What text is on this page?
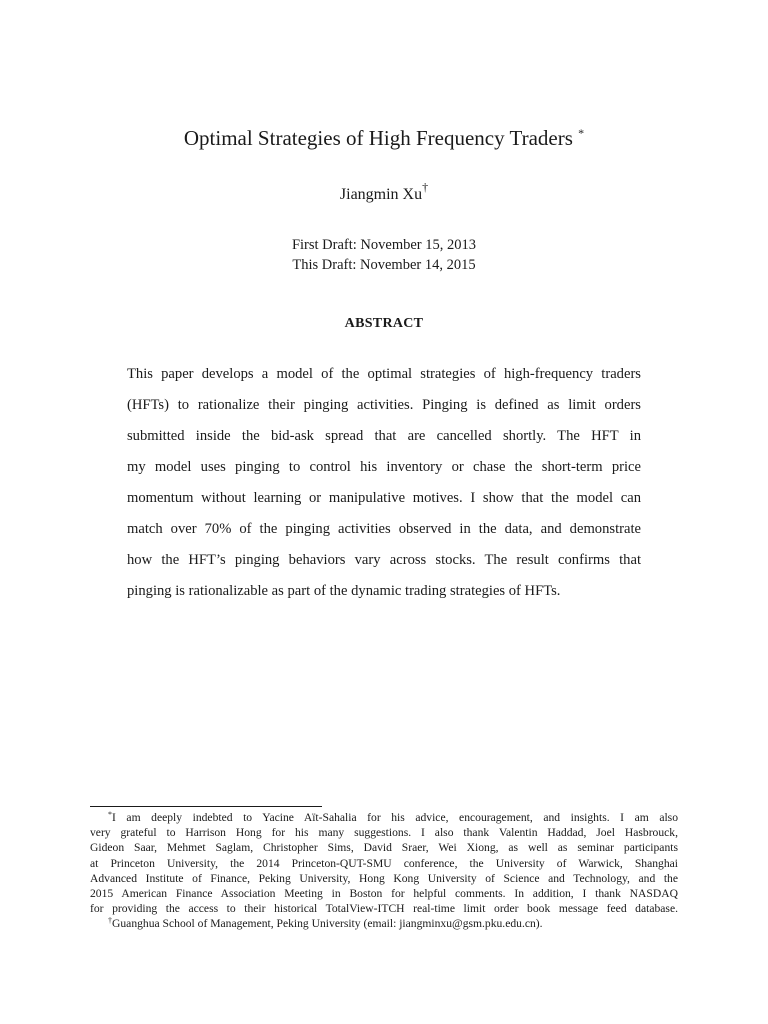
Optimal Strategies of High Frequency Traders *
Jiangmin Xu†
First Draft: November 15, 2013
This Draft: November 14, 2015
ABSTRACT
This paper develops a model of the optimal strategies of high-frequency traders
(HFTs) to rationalize their pinging activities. Pinging is defined as limit orders
submitted inside the bid-ask spread that are cancelled shortly. The HFT in
my model uses pinging to control his inventory or chase the short-term price
momentum without learning or manipulative motives. I show that the model can
match over 70% of the pinging activities observed in the data, and demonstrate
how the HFT’s pinging behaviors vary across stocks. The result confirms that
pinging is rationalizable as part of the dynamic trading strategies of HFTs.
*I am deeply indebted to Yacine Aït-Sahalia for his advice, encouragement, and insights. I am also
very grateful to Harrison Hong for his many suggestions. I also thank Valentin Haddad, Joel Hasbrouck,
Gideon Saar, Mehmet Saglam, Christopher Sims, David Sraer, Wei Xiong, as well as seminar participants
at Princeton University, the 2014 Princeton-QUT-SMU conference, the University of Warwick, Shanghai
Advanced Institute of Finance, Peking University, Hong Kong University of Science and Technology, and the
2015 American Finance Association Meeting in Boston for helpful comments. In addition, I thank NASDAQ
for providing the access to their historical TotalView-ITCH real-time limit order book message feed database.
†Guanghua School of Management, Peking University (email: jiangminxu@gsm.pku.edu.cn).
